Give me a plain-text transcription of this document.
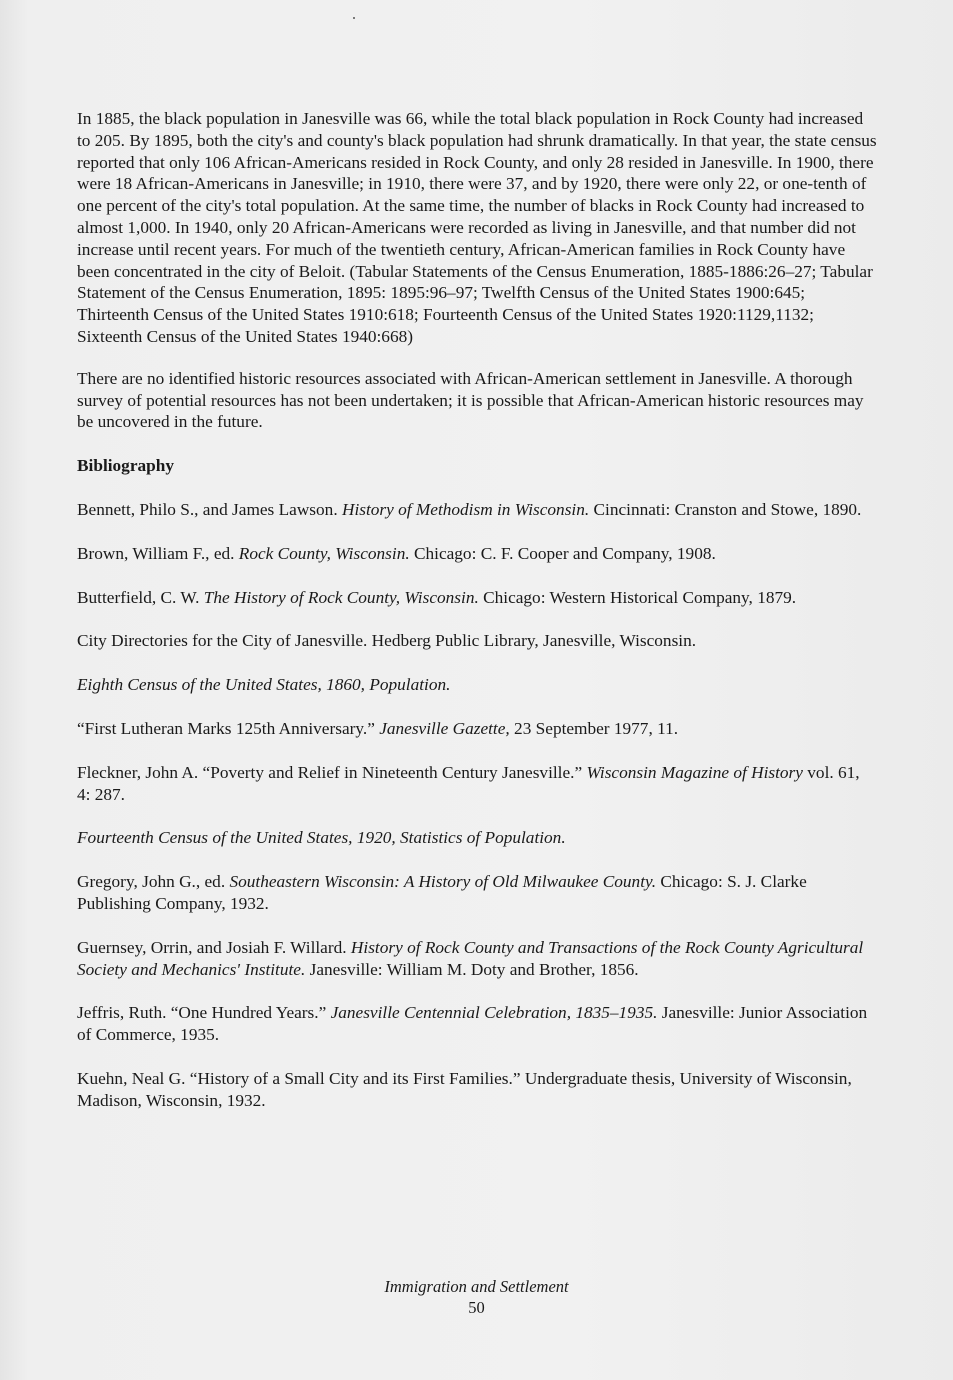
In 1885, the black population in Janesville was 66, while the total black population in Rock County had increased to 205. By 1895, both the city's and county's black population had shrunk dramatically. In that year, the state census reported that only 106 African-Americans resided in Rock County, and only 28 resided in Janesville. In 1900, there were 18 African-Americans in Janesville; in 1910, there were 37, and by 1920, there were only 22, or one-tenth of one percent of the city's total population. At the same time, the number of blacks in Rock County had increased to almost 1,000. In 1940, only 20 African-Americans were recorded as living in Janesville, and that number did not increase until recent years. For much of the twentieth century, African-American families in Rock County have been concentrated in the city of Beloit. (Tabular Statements of the Census Enumeration, 1885-1886:26–27; Tabular Statement of the Census Enumeration, 1895: 1895:96–97; Twelfth Census of the United States 1900:645; Thirteenth Census of the United States 1910:618; Fourteenth Census of the United States 1920:1129,1132; Sixteenth Census of the United States 1940:668)

There are no identified historic resources associated with African-American settlement in Janesville. A thorough survey of potential resources has not been undertaken; it is possible that African-American historic resources may be uncovered in the future.

Bibliography

Bennett, Philo S., and James Lawson. History of Methodism in Wisconsin. Cincinnati: Cranston and Stowe, 1890.

Brown, William F., ed. Rock County, Wisconsin. Chicago: C. F. Cooper and Company, 1908.

Butterfield, C. W. The History of Rock County, Wisconsin. Chicago: Western Historical Company, 1879.

City Directories for the City of Janesville. Hedberg Public Library, Janesville, Wisconsin.

Eighth Census of the United States, 1860, Population.

“First Lutheran Marks 125th Anniversary.” Janesville Gazette, 23 September 1977, 11.

Fleckner, John A. “Poverty and Relief in Nineteenth Century Janesville.” Wisconsin Magazine of History vol. 61, 4: 287.

Fourteenth Census of the United States, 1920, Statistics of Population.

Gregory, John G., ed. Southeastern Wisconsin: A History of Old Milwaukee County. Chicago: S. J. Clarke Publishing Company, 1932.

Guernsey, Orrin, and Josiah F. Willard. History of Rock County and Transactions of the Rock County Agricultural Society and Mechanics' Institute. Janesville: William M. Doty and Brother, 1856.

Jeffris, Ruth. “One Hundred Years.” Janesville Centennial Celebration, 1835–1935. Janesville: Junior Association of Commerce, 1935.

Kuehn, Neal G. “History of a Small City and its First Families.” Undergraduate thesis, University of Wisconsin, Madison, Wisconsin, 1932.

Immigration and Settlement
50
